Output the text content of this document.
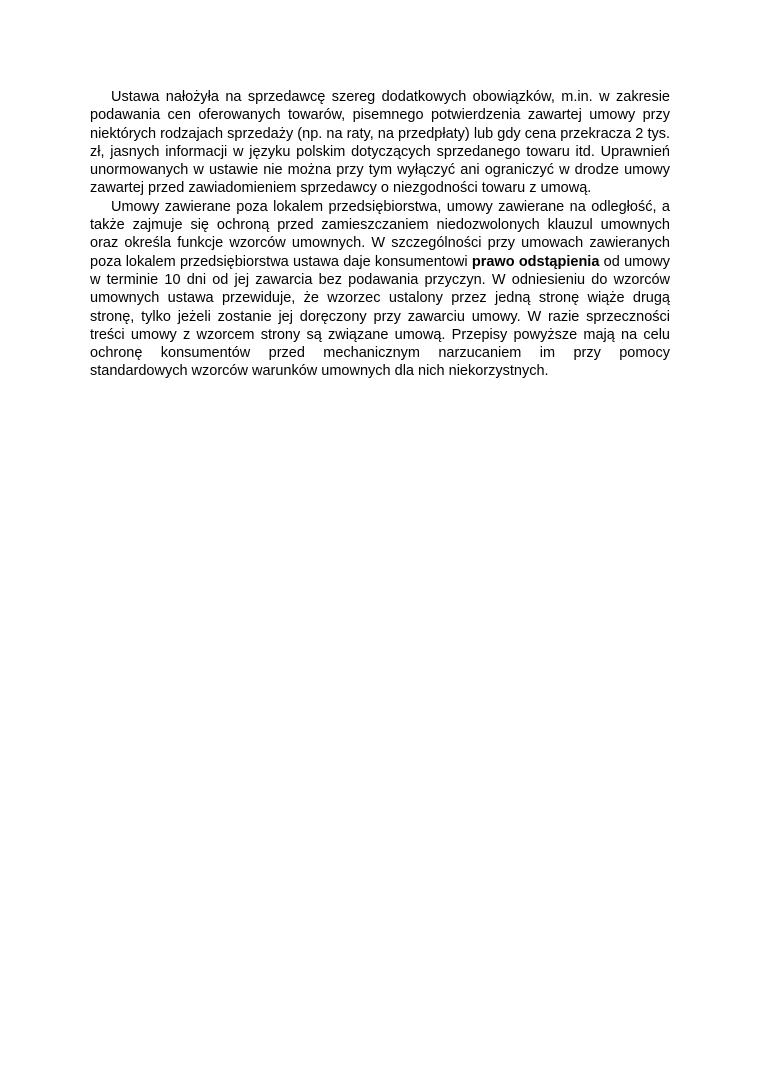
Ustawa nałożyła na sprzedawcę szereg dodatkowych obowiązków, m.in. w zakresie podawania cen oferowanych towarów, pisemnego potwierdzenia zawartej umowy przy niektórych rodzajach sprzedaży (np. na raty, na przedpłaty) lub gdy cena przekracza 2 tys. zł, jasnych informacji w języku polskim dotyczących sprzedanego towaru itd. Uprawnień unormowanych w ustawie nie można przy tym wyłączyć ani ograniczyć w drodze umowy zawartej przed zawiadomieniem sprzedawcy o niezgodności towaru z umową.

Umowy zawierane poza lokalem przedsiębiorstwa, umowy zawierane na odległość, a także zajmuje się ochroną przed zamieszczaniem niedozwolonych klauzul umownych oraz określa funkcje wzorców umownych. W szczególności przy umowach zawieranych poza lokalem przedsiębiorstwa ustawa daje konsumentowi prawo odstąpienia od umowy w terminie 10 dni od jej zawarcia bez podawania przyczyn. W odniesieniu do wzorców umownych ustawa przewiduje, że wzorzec ustalony przez jedną stronę wiąże drugą stronę, tylko jeżeli zostanie jej doręczony przy zawarciu umowy. W razie sprzeczności treści umowy z wzorcem strony są związane umową. Przepisy powyższe mają na celu ochronę konsumentów przed mechanicznym narzucaniem im przy pomocy standardowych wzorców warunków umownych dla nich niekorzystnych.
